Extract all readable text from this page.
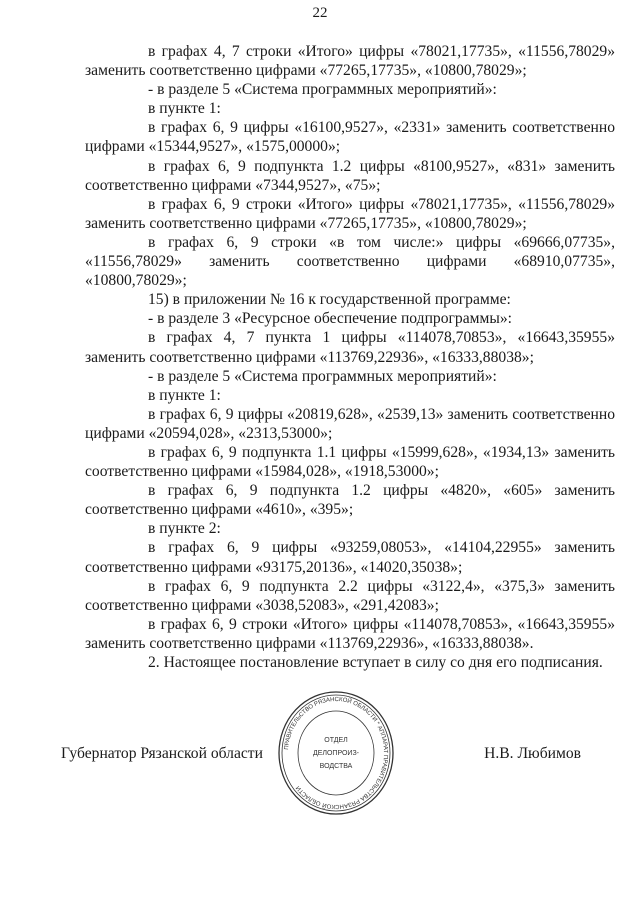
22

в графах 4, 7 строки «Итого» цифры «78021,17735», «11556,78029» заменить соответственно цифрами «77265,17735», «10800,78029»;

- в разделе 5 «Система программных мероприятий»:

в пункте 1:

в графах 6, 9 цифры «16100,9527», «2331» заменить соответственно цифрами «15344,9527», «1575,00000»;

в графах 6, 9 подпункта 1.2 цифры «8100,9527», «831» заменить соответственно цифрами «7344,9527», «75»;

в графах 6, 9 строки «Итого» цифры «78021,17735», «11556,78029» заменить соответственно цифрами «77265,17735», «10800,78029»;

в графах 6, 9 строки «в том числе:» цифры «69666,07735», «11556,78029» заменить соответственно цифрами «68910,07735», «10800,78029»;

15) в приложении № 16 к государственной программе:

- в разделе 3 «Ресурсное обеспечение подпрограммы»:

в графах 4, 7 пункта 1 цифры «114078,70853», «16643,35955» заменить соответственно цифрами «113769,22936», «16333,88038»;

- в разделе 5 «Система программных мероприятий»:

в пункте 1:

в графах 6, 9 цифры «20819,628», «2539,13» заменить соответственно цифрами «20594,028», «2313,53000»;

в графах 6, 9 подпункта 1.1 цифры «15999,628», «1934,13» заменить соответственно цифрами «15984,028», «1918,53000»;

в графах 6, 9 подпункта 1.2 цифры «4820», «605» заменить соответственно цифрами «4610», «395»;

в пункте 2:

в графах 6, 9 цифры «93259,08053», «14104,22955» заменить соответственно цифрами «93175,20136», «14020,35038»;

в графах 6, 9 подпункта 2.2 цифры «3122,4», «375,3» заменить соответственно цифрами «3038,52083», «291,42083»;

в графах 6, 9 строки «Итого» цифры «114078,70853», «16643,35955» заменить соответственно цифрами «113769,22936», «16333,88038».

2. Настоящее постановление вступает в силу со дня его подписания.

Губернатор Рязанской области	ПРАВИТЕЛЬСТВО РЯЗАНСКОЙ ОБЛАСТИ * АППАРАТ ПРАВИТЕЛЬСТВА РЯЗАНСКОЙ ОБЛАСТИ
ОТДЕЛ
ДЕЛОПРОИЗ-
ВОДСТВА
Н.В. Любимов
